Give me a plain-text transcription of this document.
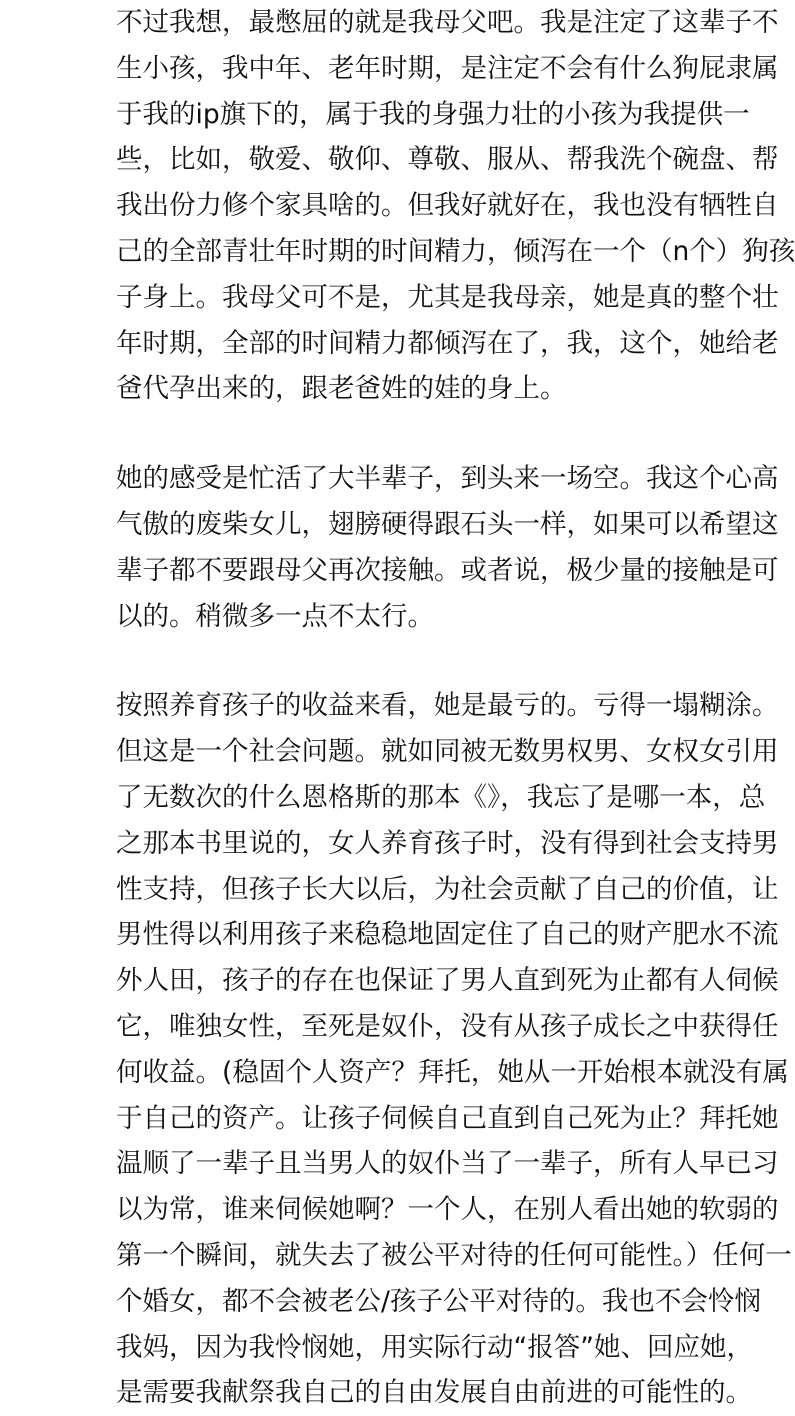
不过我想，最憋屈的就是我母父吧。我是注定了这辈子不
生小孩，我中年、老年时期，是注定不会有什么狗屁隶属
于我的ip旗下的，属于我的身强力壮的小孩为我提供一
些，比如，敬爱、敬仰、尊敬、服从、帮我洗个碗盘、帮
我出份力修个家具啥的。但我好就好在，我也没有牺牲自
己的全部青壮年时期的时间精力，倾泻在一个（n个）狗孩
子身上。我母父可不是，尤其是我母亲，她是真的整个壮
年时期，全部的时间精力都倾泻在了，我，这个，她给老
爸代孕出来的，跟老爸姓的娃的身上。
她的感受是忙活了大半辈子，到头来一场空。我这个心高
气傲的废柴女儿，翅膀硬得跟石头一样，如果可以希望这
辈子都不要跟母父再次接触。或者说，极少量的接触是可
以的。稍微多一点不太行。
按照养育孩子的收益来看，她是最亏的。亏得一塌糊涂。
但这是一个社会问题。就如同被无数男权男、女权女引用
了无数次的什么恩格斯的那本《》，我忘了是哪一本，总
之那本书里说的，女人养育孩子时，没有得到社会支持男
性支持，但孩子长大以后，为社会贡献了自己的价值，让
男性得以利用孩子来稳稳地固定住了自己的财产肥水不流
外人田，孩子的存在也保证了男人直到死为止都有人伺候
它，唯独女性，至死是奴仆，没有从孩子成长之中获得任
何收益。(稳固个人资产？拜托，她从一开始根本就没有属
于自己的资产。让孩子伺候自己直到自己死为止？拜托她
温顺了一辈子且当男人的奴仆当了一辈子，所有人早已习
以为常，谁来伺候她啊？一个人，在别人看出她的软弱的
第一个瞬间，就失去了被公平对待的任何可能性。）任何一
个婚女，都不会被老公/孩子公平对待的。我也不会怜悯
我妈，因为我怜悯她，用实际行动“报答”她、回应她，
是需要我献祭我自己的自由发展自由前进的可能性的。
